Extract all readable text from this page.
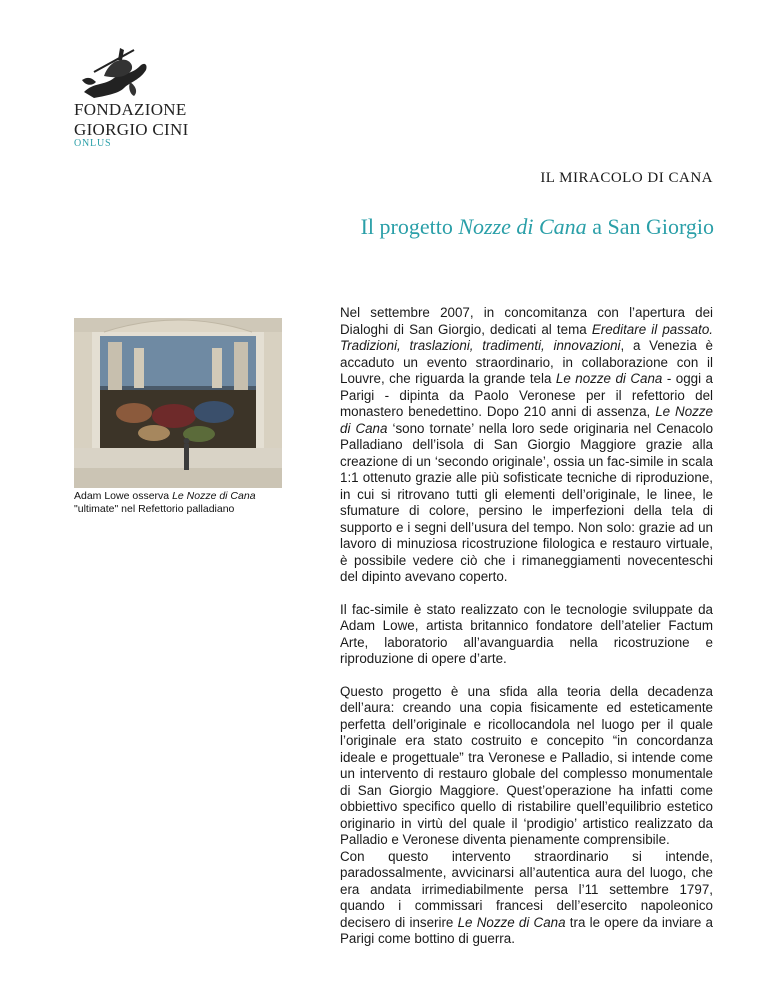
FONDAZIONE
GIORGIO CINI
ONLUS
IL MIRACOLO DI CANA
Il progetto Nozze di Cana a San Giorgio
Adam Lowe osserva Le Nozze di Cana
"ultimate" nel Refettorio palladiano

Nel settembre 2007, in concomitanza con l’apertura dei Dialoghi di San Giorgio, dedicati al tema Ereditare il passato. Tradizioni, traslazioni, tradimenti, innovazioni, a Venezia è accaduto un evento straordinario, in collaborazione con il Louvre, che riguarda la grande tela Le nozze di Cana - oggi a Parigi - dipinta da Paolo Veronese per il refettorio del monastero benedettino. Dopo 210 anni di assenza, Le Nozze di Cana ‘sono tornate’ nella loro sede originaria nel Cenacolo Palladiano dell’isola di San Giorgio Maggiore grazie alla creazione di un ‘secondo originale’, ossia un fac-simile in scala 1:1 ottenuto grazie alle più sofisticate tecniche di riproduzione, in cui si ritrovano tutti gli elementi dell’originale, le linee, le sfumature di colore, persino le imperfezioni della tela di supporto e i segni dell’usura del tempo. Non solo: grazie ad un lavoro di minuziosa ricostruzione filologica e restauro virtuale, è possibile vedere ciò che i rimaneggiamenti novecenteschi del dipinto avevano coperto.

Il fac-simile è stato realizzato con le tecnologie sviluppate da Adam Lowe, artista britannico fondatore dell’atelier Factum Arte, laboratorio all’avanguardia nella ricostruzione e riproduzione di opere d’arte.

Questo progetto è una sfida alla teoria della decadenza dell’aura: creando una copia fisicamente ed esteticamente perfetta dell’originale e ricollocandola nel luogo per il quale l’originale era stato costruito e concepito “in concordanza ideale e progettuale” tra Veronese e Palladio, si intende come un intervento di restauro globale del complesso monumentale di San Giorgio Maggiore. Quest’operazione ha infatti come obbiettivo specifico quello di ristabilire quell’equilibrio estetico originario in virtù del quale il ‘prodigio’ artistico realizzato da Palladio e Veronese diventa pienamente comprensibile.

Con questo intervento straordinario si intende, paradossalmente, avvicinarsi all’autentica aura del luogo, che era andata irrimediabilmente persa l’11 settembre 1797, quando i commissari francesi dell’esercito napoleonico decisero di inserire Le Nozze di Cana tra le opere da inviare a Parigi come bottino di guerra.
